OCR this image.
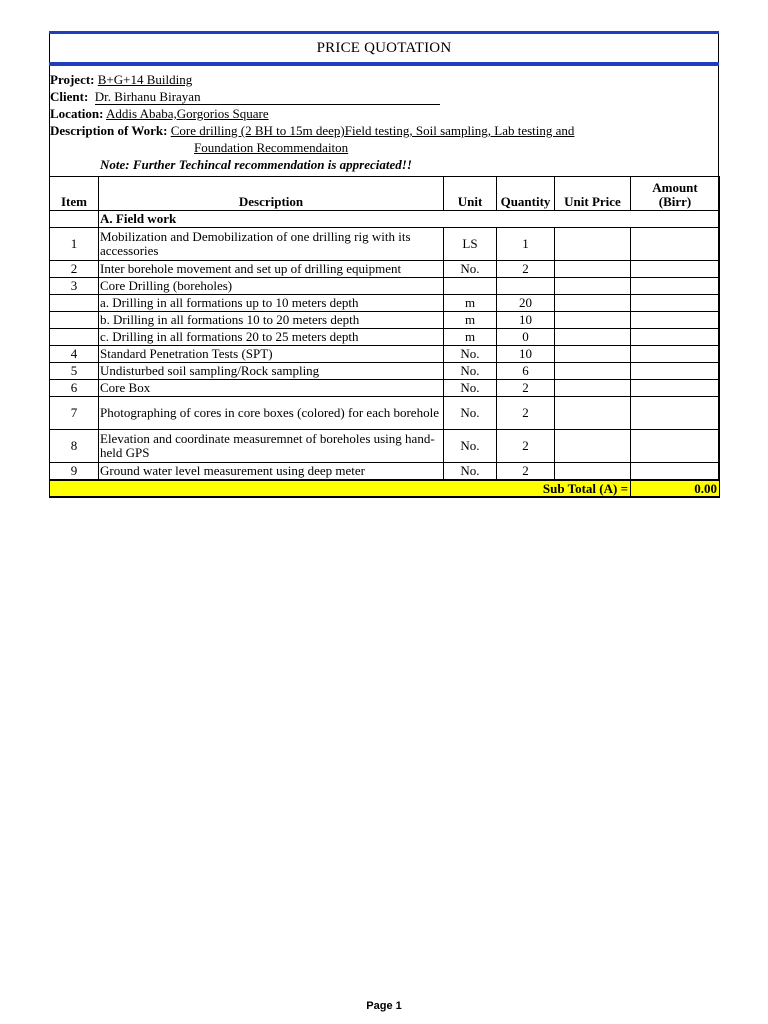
PRICE QUOTATION
Project: B+G+14 Building
Client: Dr. Birhanu Birayan
Location: Addis Ababa,Gorgorios Square
Description of Work: Core drilling (2 BH to 15m deep)Field testing, Soil sampling, Lab testing and
Foundation Recommendaiton
Note: Further Techincal recommendation is appreciated!!
Item	Description	Unit	Quantity	Unit Price	Amount
(Birr)

	A. Field work				
1	Mobilization and Demobilization of one drilling rig with its accessories	LS	1		
2	Inter borehole movement and set up of drilling equipment	No.	2		
3	Core Drilling (boreholes)				
	a. Drilling in all formations up to 10 meters depth	m	20		
	b. Drilling in all formations 10 to 20 meters depth	m	10		
	c. Drilling in all formations 20 to 25 meters depth	m	0		
4	Standard Penetration Tests (SPT)	No.	10		
5	Undisturbed soil sampling/Rock sampling	No.	6		
6	Core Box	No.	2		
7	Photographing of cores in core boxes (colored) for each borehole	No.	2		
8	Elevation and coordinate measuremnet of boreholes using hand-held GPS	No.	2		
9	Ground water level measurement using deep meter	No.	2		
Sub Total (A) =					0.00
Page 1
